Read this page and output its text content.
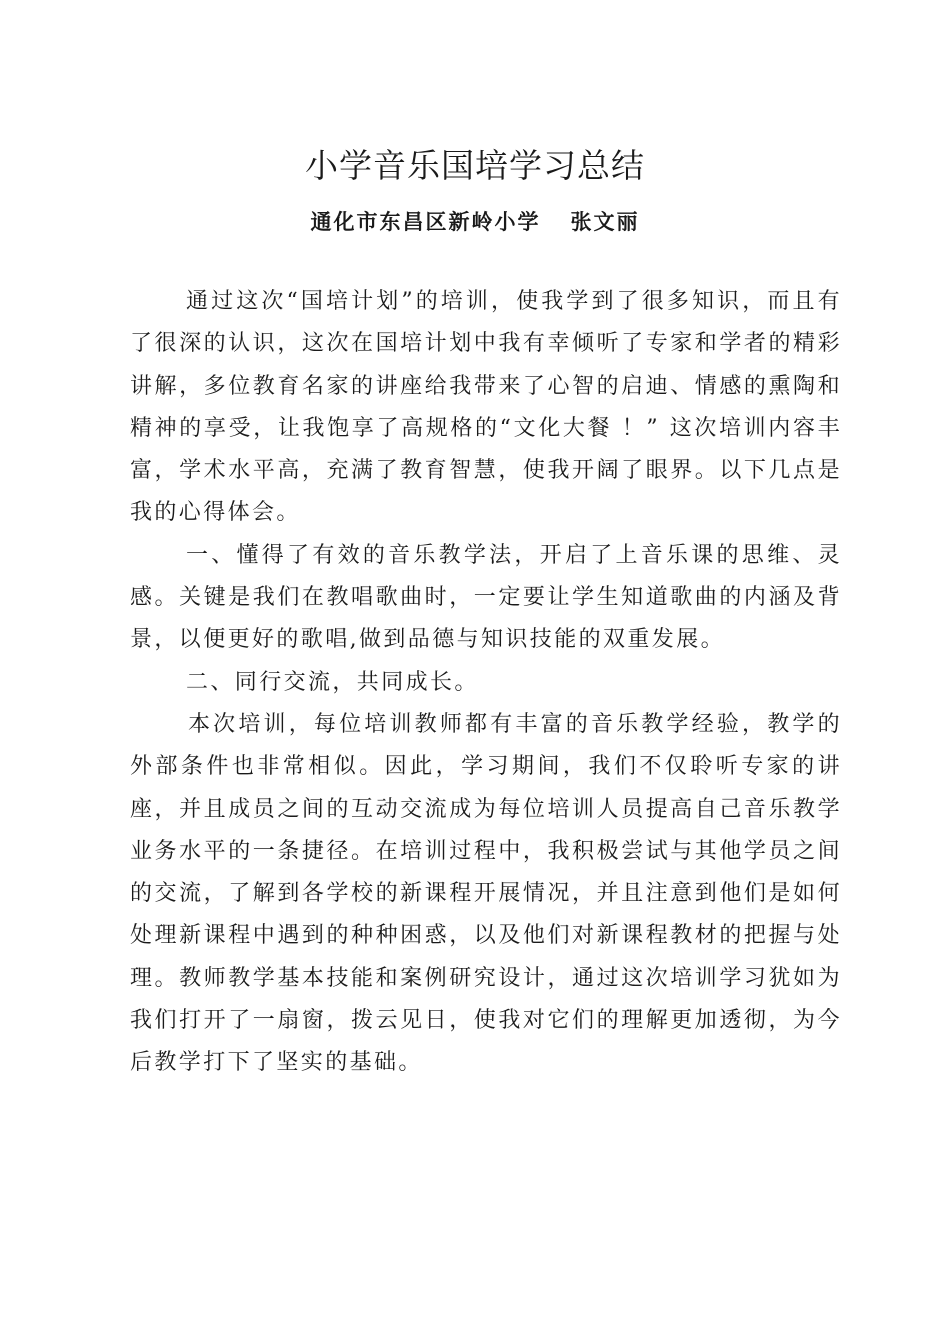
小学音乐国培学习总结
通化市东昌区新岭小学 张文丽

通过这次“国培计划”的培训，使我学到了很多知识，而且有了很深的认识，这次在国培计划中我有幸倾听了专家和学者的精彩讲解，多位教育名家的讲座给我带来了心智的启迪、情感的熏陶和精神的享受，让我饱享了高规格的“文化大餐 ！” 这次培训内容丰富，学术水平高，充满了教育智慧，使我开阔了眼界。以下几点是我的心得体会。

一、懂得了有效的音乐教学法，开启了上音乐课的思维、灵感。关键是我们在教唱歌曲时，一定要让学生知道歌曲的内涵及背景，以便更好的歌唱,做到品德与知识技能的双重发展。

二、同行交流，共同成长。

本次培训，每位培训教师都有丰富的音乐教学经验，教学的外部条件也非常相似。因此，学习期间，我们不仅聆听专家的讲座，并且成员之间的互动交流成为每位培训人员提高自己音乐教学 业务水平的一条捷径。在培训过程中，我积极尝试与其他学员之间的交流，了解到各学校的新课程开展情况，并且注意到他们是如何处理新课程中遇到的种种困惑，以及他们对新课程教材的把握与处理。教师教学基本技能和案例研究设计，通过这次培训学习犹如为我们打开了一扇窗，拨云见日，使我对它们的理解更加透彻，为今后教学打下了坚实的基础。
